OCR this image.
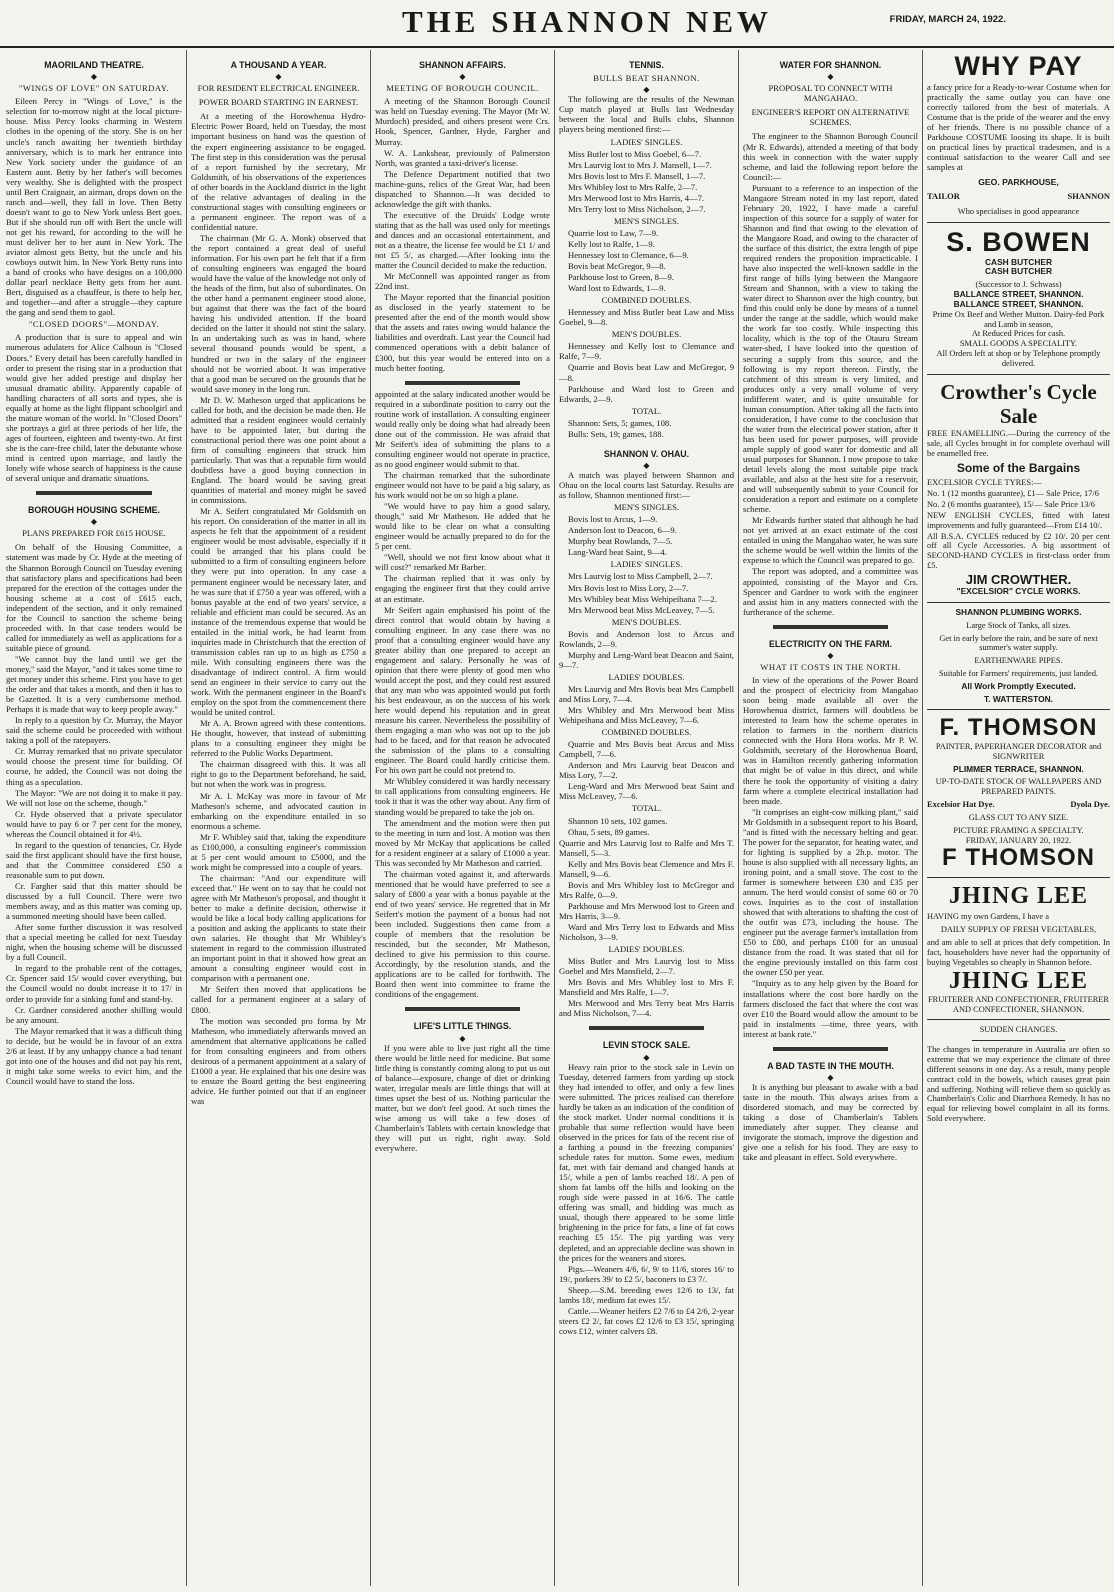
THE SHANNON NEW	FRIDAY, MARCH 24, 1922.
MAORILAND THEATRE.
◆
"WINGS OF LOVE" ON SATURDAY.

Eileen Percy in "Wings of Love," is the selection for to-morrow night at the local picture-house. Miss Percy looks charming in Western clothes in the opening of the story. She is on her uncle's ranch awaiting her twentieth birthday anniversary, which is to mark her entrance into New York society under the guidance of an Eastern aunt. Betty by her father's will becomes very wealthy. She is delighted with the prospect until Bert Craignair, an airman, drops down on the ranch and—well, they fall in love. Then Betty doesn't want to go to New York unless Bert goes. But if she should run off with Bert the uncle will not get his reward, for according to the will he must deliver her to her aunt in New York. The aviator almost gets Betty, but the uncle and his cowboys outwit him. In New York Betty runs into a band of crooks who have designs on a 100,000 dollar pearl necklace Betty gets from her aunt. Bert, disguised as a chauffeur, is there to help her, and together—and after a struggle—they capture the gang and send them to gaol.

"CLOSED DOORS"—MONDAY.

A production that is sure to appeal and win numerous adulaters for Alice Calhoun is "Closed Doors." Every detail has been carefully handled in order to present the rising star in a production that would give her added prestige and display her unusual dramatic ability. Apparently capable of handling characters of all sorts and types, she is equally at home as the light flippant schoolgirl and the mature woman of the world. In "Closed Doors" she portrays a girl at three periods of her life, the ages of fourteen, eighteen and twenty-two. At first she is the care-free child, later the debutante whose mind is centred upon marriage, and lastly the lonely wife whose search of happiness is the cause of several unique and dramatic situations.

BOROUGH HOUSING SCHEME.
◆
PLANS PREPARED FOR £615 HOUSE.

On behalf of the Housing Committee, a statement was made by Cr. Hyde at the meeting of the Shannon Borough Council on Tuesday evening that satisfactory plans and specifications had been prepared for the erection of the cottages under the housing scheme at a cost of £615 each, independent of the section, and it only remained for the Council to sanction the scheme being proceeded with. In that case tenders would be called for immediately as well as applications for a suitable piece of ground.

"We cannot buy the land until we get the money," said the Mayor, "and it takes some time to get money under this scheme. First you have to get the order and that takes a month, and then it has to be Gazetted. It is a very cumbersome method. Perhaps it is made that way to keep people away."

In reply to a question by Cr. Murray, the Mayor said the scheme could be proceeded with without taking a poll of the ratepayers.

Cr. Murray remarked that no private speculator would choose the present time for building. Of course, he added, the Council was not doing the thing as a speculation.

The Mayor: "We are not doing it to make it pay. We will not lose on the scheme, though."

Cr. Hyde observed that a private speculator would have to pay 6 or 7 per cent for the money, whereas the Council obtained it for 4½.

In regard to the question of tenancies, Cr. Hyde said the first applicant should have the first house, and that the Committee considered £50 a reasonable sum to put down.

Cr. Fargher said that this matter should be discussed by a full Council. There were two members away, and as this matter was coming up, a summoned meeting should have been called.

After some further discussion it was resolved that a special meeting be called for next Tuesday night, when the housing scheme will be discussed by a full Council.

In regard to the probable rent of the cottages, Cr. Spencer said 15/ would cover everything, but the Council would no doubt increase it to 17/ in order to provide for a sinking fund and stand-by.

Cr. Gardner considered another shilling would be any amount.

The Mayor remarked that it was a difficult thing to decide, but he would be in favour of an extra 2/6 at least. If by any unhappy chance a bad tenant got into one of the houses and did not pay his rent, it might take some weeks to evict him, and the Council would have to stand the loss.

A THOUSAND A YEAR.
◆
FOR RESIDENT ELECTRICAL ENGINEER.
POWER BOARD STARTING IN EARNEST.

At a meeting of the Horowhenua Hydro-Electric Power Board, held on Tuesday, the most important business on hand was the question of the expert engineering assistance to be engaged. The first step in this consideration was the perusal of a report furnished by the secretary, Mr Goldsmith, of his observations of the experiences of other boards in the Auckland district in the light of the relative advantages of dealing in the constructional stages with consulting engineers or a permanent engineer. The report was of a confidential nature.

The chairman (Mr G. A. Monk) observed that the report contained a great deal of useful information. For his own part he felt that if a firm of consulting engineers was engaged the board would have the value of the knowledge not only of the heads of the firm, but also of subordinates. On the other hand a permanent engineer stood alone, but against that there was the fact of the board having his undivided attention. If the board decided on the latter it should not stint the salary. In an undertaking such as was in hand, where several thousand pounds would be spent, a hundred or two in the salary of the engineer should not be worried about. It was imperative that a good man be secured on the grounds that he would save money in the long run.

Mr D. W. Matheson urged that applications be called for both, and the decision be made then. He admitted that a resident engineer would certainly have to be appointed later, but during the constructional period there was one point about a firm of consulting engineers that struck him particularly. That was that a reputable firm would doubtless have a good buying connection in England. The board would be saving great quantities of material and money might be saved in commissions.

Mr A. Seifert congratulated Mr Goldsmith on his report. On consideration of the matter in all its aspects he felt that the appointment of a resident engineer would be most advisable, especially if it could be arranged that his plans could be submitted to a firm of consulting engineers before they were put into operation. In any case a permanent engineer would be necessary later, and he was sure that if £750 a year was offered, with a bonus payable at the end of two years' service, a reliable and efficient man could be secured. As an instance of the tremendous expense that would be entailed in the initial work, he had learnt from inquiries made in Christchurch that the erection of transmission cables ran up to as high as £750 a mile. With consulting engineers there was the disadvantage of indirect control. A firm would send an engineer in their service to carry out the work. With the permanent engineer in the Board's employ on the spot from the commencement there would be united control.

Mr A. A. Brown agreed with these contentions. He thought, however, that instead of submitting plans to a consulting engineer they might be referred to the Public Works Department.

The chairman disagreed with this. It was all right to go to the Department beforehand, he said, but not when the work was in progress.

Mr A. I. McKay was more in favour of Mr Matheson's scheme, and advocated caution in embarking on the expenditure entailed in so enormous a scheme.

Mr F. Whibley said that, taking the expenditure as £100,000, a consulting engineer's commission at 5 per cent would amount to £5000, and the work might be compressed into a couple of years.

The chairman: "And our expenditure will exceed that." He went on to say that he could not agree with Mr Matheson's proposal, and thought it better to make a definite decision, otherwise it would be like a local body calling applications for a position and asking the applicants to state their own salaries. He thought that Mr Whibley's statement in regard to the commission illustrated an important point in that it showed how great an amount a consulting engineer would cost in comparison with a permanent one.

Mr Seifert then moved that applications be called for a permanent engineer at a salary of £800.

The motion was seconded pro forma by Mr Matheson, who immediately afterwards moved an amendment that alternative applications be called for from consulting engineers and from others desirous of a permanent appointment at a salary of £1000 a year. He explained that his one desire was to ensure the Board getting the best engineering advice. He further pointed out that if an engineer was

SHANNON AFFAIRS.
◆
MEETING OF BOROUGH COUNCIL.

A meeting of the Shannon Borough Council was held on Tuesday evening. The Mayor (Mr W. Murdoch) presided, and others present were Crs. Hook, Spencer, Gardner, Hyde, Fargher and Murray.

W. A. Lankshear, previously of Palmerston North, was granted a taxi-driver's license.

The Defence Department notified that two machine-guns, relics of the Great War, had been dispatched to Shannon.—It was decided to acknowledge the gift with thanks.

The executive of the Druids' Lodge wrote stating that as the hall was used only for meetings and dances and an occasional entertainment, and not as a theatre, the license fee would be £1 1/ and not £5 5/, as charged.—After looking into the matter the Council decided to make the reduction.

Mr McConnell was appointed ranger as from 22nd inst.

The Mayor reported that the financial position as disclosed in the yearly statement to be presented after the end of the month would show that the assets and rates owing would balance the liabilities and overdraft. Last year the Council had commenced operations with a debit balance of £300, but this year would be entered into on a much better footing.

appointed at the salary indicated another would be required in a subordinate position to carry out the routine work of installation. A consulting engineer would really only be doing what had already been done out of the commission. He was afraid that Mr Seifert's idea of submitting the plans to a consulting engineer would not operate in practice, as no good engineer would submit to that.

The chairman remarked that the subordinate engineer would not have to be paid a big salary, as his work would not be on so high a plane.

"We would have to pay him a good salary, though," said Mr Matheson. He added that he would like to be clear on what a consulting engineer would be actually prepared to do for the 5 per cent.

"Well, should we not first know about what it will cost?" remarked Mr Barber.

The chairman replied that it was only by engaging the engineer first that they could arrive at an estimate.

Mr Seifert again emphasised his point of the direct control that would obtain by having a consulting engineer. In any case there was no proof that a consulting engineer would have any greater ability than one prepared to accept an engagement and salary. Personally he was of opinion that there were plenty of good men who would accept the post, and they could rest assured that any man who was appointed would put forth his best endeavour, as on the success of his work here would depend his reputation and in great measure his career. Nevertheless the possibility of them engaging a man who was not up to the job had to be faced, and for that reason he advocated the submission of the plans to a consulting engineer. The Board could hardly criticise them. For his own part he could not pretend to.

Mr Whibley considered it was hardly necessary to call applications from consulting engineers. He took it that it was the other way about. Any firm of standing would be prepared to take the job on.

The amendment and the motion were then put to the meeting in turn and lost. A motion was then moved by Mr McKay that applications be called for a resident engineer at a salary of £1000 a year. This was seconded by Mr Matheson and carried.

The chairman voted against it, and afterwards mentioned that he would have preferred to see a salary of £800 a year with a bonus payable at the end of two years' service. He regretted that in Mr Seifert's motion the payment of a bonus had not been included. Suggestions then came from a couple of members that the resolution be rescinded, but the seconder, Mr Matheson, declined to give his permission to this course. Accordingly, by the resolution stands, and the applications are to be called for forthwith. The Board then went into committee to frame the conditions of the engagement.

LIFE'S LITTLE THINGS.
◆

If you were able to live just right all the time there would be little need for medicine. But some little thing is constantly coming along to put us out of balance—exposure, change of diet or drinking water, irregular meals are little things that will at times upset the best of us. Nothing particular the matter, but we don't feel good. At such times the wise among us will take a few doses of Chamberlain's Tablets with certain knowledge that they will put us right, right away. Sold everywhere.

TENNIS.
BULLS BEAT SHANNON.
◆

The following are the results of the Newman Cup match played at Bulls last Wednesday between the local and Bulls clubs, Shannon players being mentioned first:—

LADIES' SINGLES.

Miss Butler lost to Miss Goebel, 6—7.

Mrs Laurvig lost to Mrs J. Mansell, 1—7.

Mrs Bovis lost to Mrs F. Mansell, 1—7.

Mrs Whibley lost to Mrs Ralfe, 2—7.

Mrs Merwood lost to Mrs Harris, 4—7.

Mrs Terry lost to Miss Nicholson, 2—7.

MEN'S SINGLES.

Quarrie lost to Law, 7—9.

Kelly lost to Ralfe, 1—9.

Hennessey lost to Clemance, 6—9.

Bovis beat McGregor, 9—8.

Parkhouse lost to Green, 8—9.

Ward lost to Edwards, 1—9.

COMBINED DOUBLES.

Hennessey and Miss Butler beat Law and Miss Goebel, 9—8.

MEN'S DOUBLES.

Hennessey and Kelly lost to Clemance and Ralfe, 7—9.

Quarrie and Bovis beat Law and McGregor, 9—8.

Parkhouse and Ward lost to Green and Edwards, 2—9.

TOTAL.

Shannon: Sets, 5; games, 108.

Bulls: Sets, 19; games, 188.

SHANNON V. OHAU.
◆

A match was played between Shannon and Ohau on the local courts last Saturday. Results are as follow, Shannon mentioned first:—

MEN'S SINGLES.

Bovis lost to Arcus, 1—9.

Anderson lost to Deacon, 6—9.

Murphy beat Rowlands, 7—5.

Lang-Ward beat Saint, 9—4.

LADIES' SINGLES.

Mrs Laurvig lost to Miss Campbell, 2—7.

Mrs Bovis lost to Miss Lory, 2—7.

Mrs Whibley beat Miss Wehipeihana 7—2.

Mrs Merwood beat Miss McLeavey, 7—5.

MEN'S DOUBLES.

Bovis and Anderson lost to Arcus and Rowlands, 2—9.

Murphy and Leng-Ward beat Deacon and Saint, 9—7.

LADIES' DOUBLES.

Mrs Laurvig and Mrs Bovis beat Mrs Campbell and Miss Lory, 7—4.

Mrs Whibley and Mrs Merwood beat Miss Wehipeihana and Miss McLeavey, 7—6.

COMBINED DOUBLES.

Quarrie and Mrs Bovis beat Arcus and Miss Campbell, 7—6.

Anderson and Mrs Laurvig beat Deacon and Miss Lory, 7—2.

Leng-Ward and Mrs Merwood beat Saint and Miss McLeavey, 7—6.

TOTAL.

Shannon 10 sets, 102 games.

Ohau, 5 sets, 89 games.

Quarrie and Mrs Laurvig lost to Ralfe and Mrs T. Mansell, 5—3.

Kelly and Mrs Bovis beat Clemence and Mrs F. Mansell, 9—6.

Bovis and Mrs Whibley lost to McGregor and Mrs Ralfe, 0—9.

Parkhouse and Mrs Merwood lost to Green and Mrs Harris, 3—9.

Ward and Mrs Terry lost to Edwards and Miss Nicholson, 3—9.

LADIES' DOUBLES.

Miss Butler and Mrs Laurvig lost to Miss Goebel and Mrs Mansfield, 2—7.

Mrs Bovis and Mrs Whibley lost to Mrs F. Mansfield and Mrs Ralfe, 1—7.

Mrs Merwood and Mrs Terry beat Mrs Harris and Miss Nicholson, 7—4.

LEVIN STOCK SALE.
◆

Heavy rain prior to the stock sale in Levin on Tuesday, deterred farmers from yarding up stock they had intended to offer, and only a few lines were submitted. The prices realised can therefore hardly be taken as an indication of the condition of the stock market. Under normal conditions it is probable that some reflection would have been observed in the prices for fats of the recent rise of a farthing a pound in the freezing companies' schedule rates for mutton. Some ewes, medium fat, met with fair demand and changed hands at 15/, while a pen of lambs reached 18/. A pen of shorn fat lambs off the hills and looking on the rough side were passed in at 16/6. The cattle offering was small, and bidding was much as usual, though there appeared to be some little brightening in the price for fats, a line of fat cows reaching £5 15/. The pig yarding was very depleted, and an appreciable decline was shown in the prices for the weaners and stores.

Pigs.—Weaners 4/6, 6/, 9/ to 11/6, stores 16/ to 19/, porkers 39/ to £2 5/, baconers to £3 7/.

Sheep.—S.M. breeding ewes 12/6 to 13/, fat lambs 18/, medium fat ewes 15/.

Cattle.—Weaner heifers £2 7/6 to £4 2/6, 2-year steers £2 2/, fat cows £2 12/6 to £3 15/, springing cows £12, winter calvers £8.

WATER FOR SHANNON.
◆
PROPOSAL TO CONNECT WITH MANGAHAO.
ENGINEER'S REPORT ON ALTERNATIVE SCHEMES.

The engineer to the Shannon Borough Council (Mr R. Edwards), attended a meeting of that body this week in connection with the water supply scheme, and laid the following report before the Council:—

Pursuant to a reference to an inspection of the Mangaore Stream noted in my last report, dated February 20, 1922, I have made a careful inspection of this source for a supply of water for Shannon and find that owing to the elevation of the Mangaore Road, and owing to the character of the surface of this district, the extra length of pipe required renders the proposition impracticable. I have also inspected the well-known saddle in the first range of hills lying between the Mangaore Stream and Shannon, with a view to taking the water direct to Shannon over the high country, but find this could only be done by means of a tunnel under the range at the saddle, which would make the work far too costly. While inspecting this locality, which is the top of the Otauru Stream water-shed, I have looked into the question of securing a supply from this source, and the following is my report thereon. Firstly, the catchment of this stream is very limited, and produces only a very small volume of very indifferent water, and is quite unsuitable for human consumption. After taking all the facts into consideration, I have come to the conclusion that the water from the electrical power station, after it has been used for power purposes, will provide ample supply of good water for domestic and all usual purposes for Shannon. I now propose to take detail levels along the most suitable pipe track available, and also at the best site for a reservoir, and will subsequently submit to your Council for consideration a report and estimate on a complete scheme.

Mr Edwards further stated that although he had not yet arrived at an exact estimate of the cost entailed in using the Mangahao water, he was sure the scheme would be well within the limits of the expense to which the Council was prepared to go.

The report was adopted, and a committee was appointed, consisting of the Mayor and Crs. Spencer and Gardner to work with the engineer and assist him in any matters connected with the furtherance of the scheme.

ELECTRICITY ON THE FARM.
◆
WHAT IT COSTS IN THE NORTH.

In view of the operations of the Power Board and the prospect of electricity from Mangahao soon being made available all over the Horowhenua district, farmers will doubtless be interested to learn how the scheme operates in relation to farmers in the northern districts connected with the Hora Hora works. Mr P. W. Goldsmith, secretary of the Horowhenua Board, was in Hamilton recently gathering information that might be of value in this direct, and while there he took the opportunity of visiting a dairy farm where a complete electrical installation had been made.

"It comprises an eight-cow milking plant," said Mr Goldsmith in a subsequent report to his Board, "and is fitted with the necessary belting and gear. The power for the separator, for heating water, and for lighting is supplied by a 2h.p. motor. The house is also supplied with all necessary lights, an ironing point, and a small stove. The cost to the farmer is somewhere between £30 and £35 per annum. The herd would consist of some 60 or 70 cows. Inquiries as to the cost of installation showed that with alterations to shafting the cost of the outfit was £73, including the house. The engineer put the average farmer's installation from £50 to £80, and perhaps £100 for an unusual distance from the road. It was stated that oil for the engine previously installed on this farm cost the owner £50 per year.

"Inquiry as to any help given by the Board for installations where the cost bore hardly on the farmers disclosed the fact that where the cost was over £10 the Board would allow the amount to be paid in instalments —time, three years, with interest at bank rate."

A BAD TASTE IN THE MOUTH.
◆

It is anything but pleasant to awake with a bad taste in the mouth. This always arises from a disordered stomach, and may be corrected by taking a dose of Chamberlain's Tablets immediately after supper. They cleanse and invigorate the stomach, improve the digestion and give one a relish for his food. They are easy to take and pleasant in effect. Sold everywhere.

WHY PAY

a fancy price for a Ready-to-wear Costume when for practically the same outlay you can have one correctly tailored from the best of materials. A Costume that is the pride of the wearer and the envy of her friends. There is no possible chance of a Parkhouse COSTUME loosing its shape. It is built on practical lines by practical tradesmen, and is a continual satisfaction to the wearer Call and see samples at

GEO. PARKHOUSE,
TAILOR	SHANNON
Who specialises in good appearance
S. BOWEN
CASH BUTCHER
CASH BUTCHER
(Successor to J. Schwass)
BALLANCE STREET, SHANNON.
BALLANCE STREET, SHANNON.
Prime Ox Beef and Wether Mutton. Dairy-fed Pork and Lamb in season,
At Reduced Prices for cash.
SMALL GOODS A SPECIALITY.
All Orders left at shop or by Telephone promptly delivered.
Crowther's Cycle Sale

FREE ENAMELLING.—During the currency of the sale, all Cycles brought in for complete overhaul will be enamelled free.

Some of the Bargains

EXCELSIOR CYCLE TYRES:—

No. 1 (12 months guarantee), £1— Sale Price, 17/6

No. 2 (6 months guarantee), 15/— Sale Price 13/6

NEW ENGLISH CYCLES, fitted with latest improvements and fully guaranteed—From £14 10/.

All B.S.A. CYCLES reduced by £2 10/. 20 per cent off all Cycle Accessories. A big assortment of SECOND-HAND CYCLES in first-class order from £5.

JIM CROWTHER.
"EXCELSIOR" CYCLE WORKS.
SHANNON PLUMBING WORKS.
Large Stock of Tanks, all sizes.
Get in early before the rain, and be sure of next summer's water supply.
EARTHENWARE PIPES.
Suitable for Farmers' requirements, just landed.
All Work Promptly Executed.
T. WATTERSTON.
F. THOMSON
PAINTER, PAPERHANGER DECORATOR and SIGNWRITER
PLIMMER TERRACE, SHANNON.
UP-TO-DATE STOCK OF WALLPAPERS AND PREPARED PAINTS.
Excelsior Hat Dye.	Dyola Dye.
GLASS CUT TO ANY SIZE.
PICTURE FRAMING A SPECIALTY.
FRIDAY, JANUARY 20, 1922.
F THOMSON
JHING LEE

HAVING my own Gardens, I have a

DAILY SUPPLY OF FRESH VEGETABLES,

and am able to sell at prices that defy competition. In fact, householders have never had the opportunity of buying Vegetables so cheaply in Shannon before.

JHING LEE
FRUITERER AND CONFECTIONER, FRUITERER AND CONFECTIONER, SHANNON.
SUDDEN CHANGES.

The changes in temperature in Australia are often so extreme that we may experience the climate of three different seasons in one day. As a result, many people contract cold in the bowels, which causes great pain and suffering. Nothing will relieve them so quickly as Chamberlain's Colic and Diarrhoea Remedy. It has no equal for relieving bowel complaint in all its forms. Sold everywhere.
